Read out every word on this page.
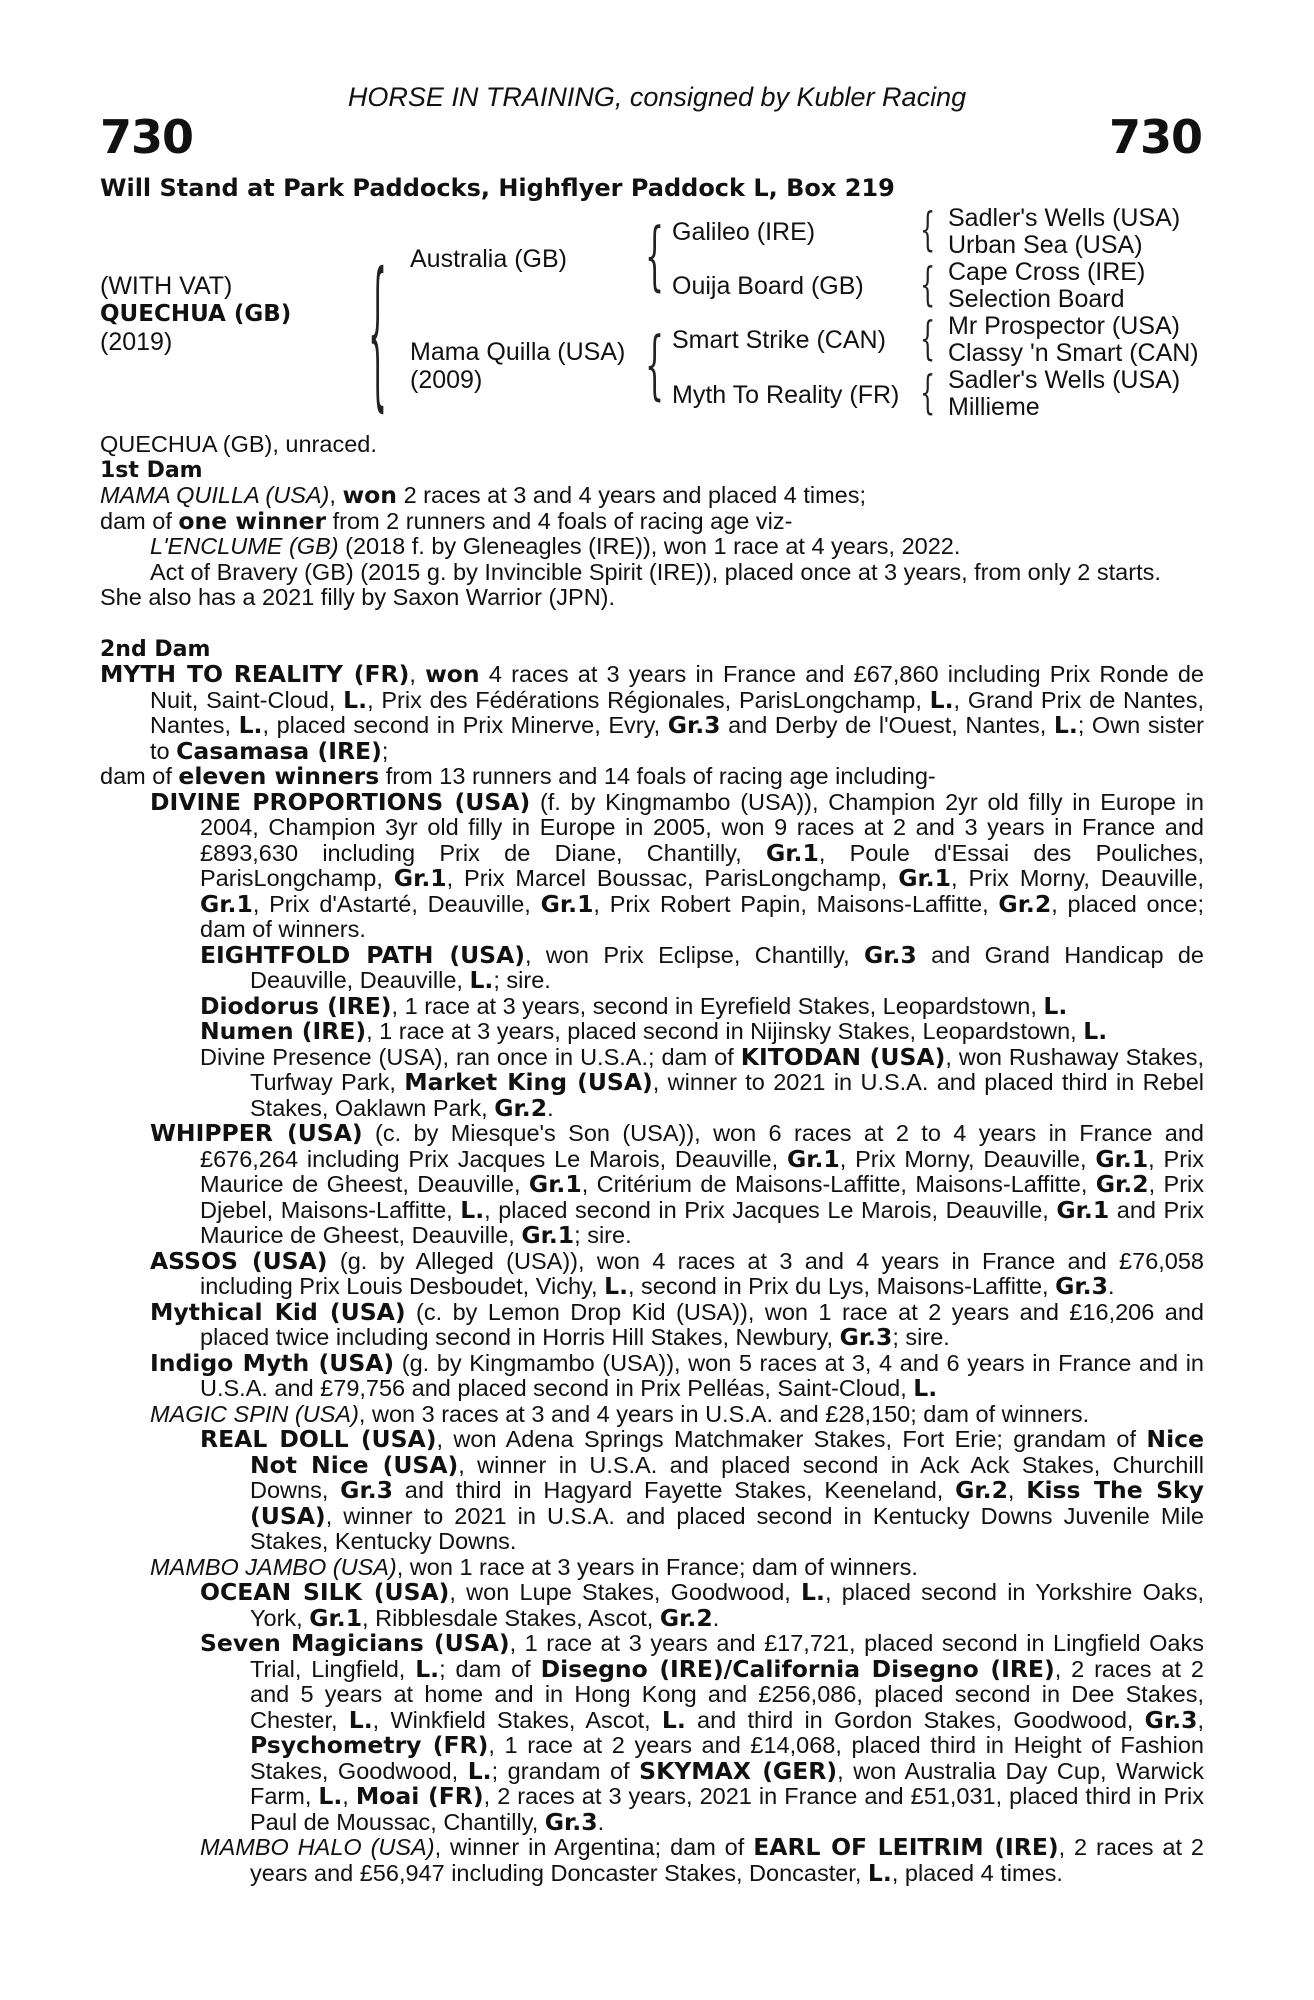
HORSE IN TRAINING, consigned by Kubler Racing
730	730
Will Stand at Park Paddocks, Highflyer Paddock L, Box 219
(WITH VAT)
QUECHUA (GB)
(2019)	{ Australia (GB)
Mama Quilla (USA)
(2009)
{
{
Galileo (IRE)
Ouija Board (GB)
Smart Strike (CAN)
Myth To Reality (FR)
{
{
{
{
Sadler's Wells (USA)
Urban Sea (USA)
Cape Cross (IRE)
Selection Board
Mr Prospector (USA)
Classy 'n Smart (CAN)
Sadler's Wells (USA)
Millieme

QUECHUA (GB), unraced.

1st Dam

MAMA QUILLA (USA), won 2 races at 3 and 4 years and placed 4 times;

dam of one winner from 2 runners and 4 foals of racing age viz-

L'ENCLUME (GB) (2018 f. by Gleneagles (IRE)), won 1 race at 4 years, 2022.

Act of Bravery (GB) (2015 g. by Invincible Spirit (IRE)), placed once at 3 years, from only 2 starts.

She also has a 2021 filly by Saxon Warrior (JPN).

2nd Dam

MYTH TO REALITY (FR), won 4 races at 3 years in France and £67,860 including Prix Ronde de Nuit, Saint-Cloud, L., Prix des Fédérations Régionales, ParisLongchamp, L., Grand Prix de Nantes, Nantes, L., placed second in Prix Minerve, Evry, Gr.3 and Derby de l'Ouest, Nantes, L.; Own sister to Casamasa (IRE);

dam of eleven winners from 13 runners and 14 foals of racing age including-

DIVINE PROPORTIONS (USA) (f. by Kingmambo (USA)), Champion 2yr old filly in Europe in 2004, Champion 3yr old filly in Europe in 2005, won 9 races at 2 and 3 years in France and £893,630 including Prix de Diane, Chantilly, Gr.1, Poule d'Essai des Pouliches, ParisLongchamp, Gr.1, Prix Marcel Boussac, ParisLongchamp, Gr.1, Prix Morny, Deauville, Gr.1, Prix d'Astarté, Deauville, Gr.1, Prix Robert Papin, Maisons-Laffitte, Gr.2, placed once; dam of winners.

EIGHTFOLD PATH (USA), won Prix Eclipse, Chantilly, Gr.3 and Grand Handicap de Deauville, Deauville, L.; sire.

Diodorus (IRE), 1 race at 3 years, second in Eyrefield Stakes, Leopardstown, L.

Numen (IRE), 1 race at 3 years, placed second in Nijinsky Stakes, Leopardstown, L.

Divine Presence (USA), ran once in U.S.A.; dam of KITODAN (USA), won Rushaway Stakes, Turfway Park, Market King (USA), winner to 2021 in U.S.A. and placed third in Rebel Stakes, Oaklawn Park, Gr.2.

WHIPPER (USA) (c. by Miesque's Son (USA)), won 6 races at 2 to 4 years in France and £676,264 including Prix Jacques Le Marois, Deauville, Gr.1, Prix Morny, Deauville, Gr.1, Prix Maurice de Gheest, Deauville, Gr.1, Critérium de Maisons-Laffitte, Maisons-Laffitte, Gr.2, Prix Djebel, Maisons-Laffitte, L., placed second in Prix Jacques Le Marois, Deauville, Gr.1 and Prix Maurice de Gheest, Deauville, Gr.1; sire.

ASSOS (USA) (g. by Alleged (USA)), won 4 races at 3 and 4 years in France and £76,058 including Prix Louis Desboudet, Vichy, L., second in Prix du Lys, Maisons-Laffitte, Gr.3.

Mythical Kid (USA) (c. by Lemon Drop Kid (USA)), won 1 race at 2 years and £16,206 and placed twice including second in Horris Hill Stakes, Newbury, Gr.3; sire.

Indigo Myth (USA) (g. by Kingmambo (USA)), won 5 races at 3, 4 and 6 years in France and in U.S.A. and £79,756 and placed second in Prix Pelléas, Saint-Cloud, L.

MAGIC SPIN (USA), won 3 races at 3 and 4 years in U.S.A. and £28,150; dam of winners.

REAL DOLL (USA), won Adena Springs Matchmaker Stakes, Fort Erie; grandam of Nice Not Nice (USA), winner in U.S.A. and placed second in Ack Ack Stakes, Churchill Downs, Gr.3 and third in Hagyard Fayette Stakes, Keeneland, Gr.2, Kiss The Sky (USA), winner to 2021 in U.S.A. and placed second in Kentucky Downs Juvenile Mile Stakes, Kentucky Downs.

MAMBO JAMBO (USA), won 1 race at 3 years in France; dam of winners.

OCEAN SILK (USA), won Lupe Stakes, Goodwood, L., placed second in Yorkshire Oaks, York, Gr.1, Ribblesdale Stakes, Ascot, Gr.2.

Seven Magicians (USA), 1 race at 3 years and £17,721, placed second in Lingfield Oaks Trial, Lingfield, L.; dam of Disegno (IRE)/California Disegno (IRE), 2 races at 2 and 5 years at home and in Hong Kong and £256,086, placed second in Dee Stakes, Chester, L., Winkfield Stakes, Ascot, L. and third in Gordon Stakes, Goodwood, Gr.3, Psychometry (FR), 1 race at 2 years and £14,068, placed third in Height of Fashion Stakes, Goodwood, L.; grandam of SKYMAX (GER), won Australia Day Cup, Warwick Farm, L., Moai (FR), 2 races at 3 years, 2021 in France and £51,031, placed third in Prix Paul de Moussac, Chantilly, Gr.3.

MAMBO HALO (USA), winner in Argentina; dam of EARL OF LEITRIM (IRE), 2 races at 2 years and £56,947 including Doncaster Stakes, Doncaster, L., placed 4 times.
